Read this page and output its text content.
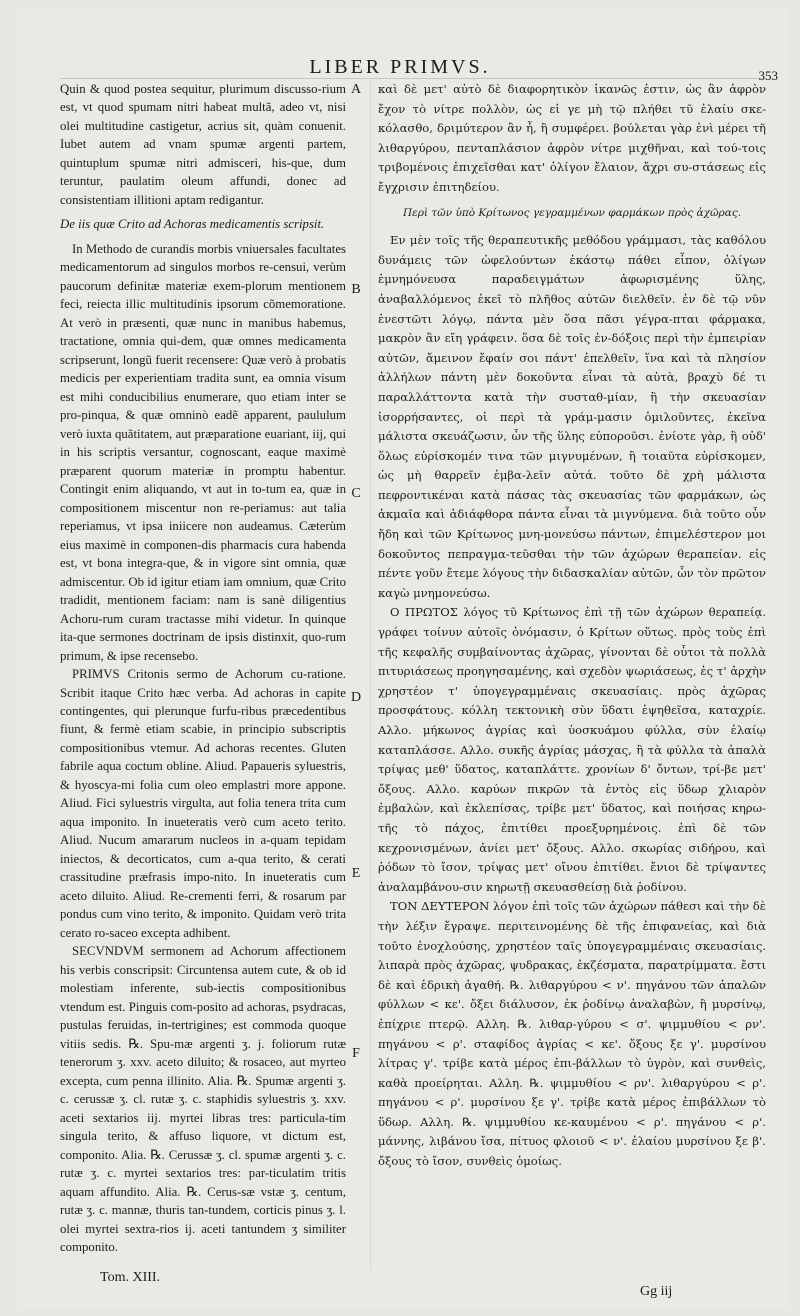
LIBER PRIMVS.	353

Quin & quod postea sequitur, plurimum discusso-rium est, vt quod spumam nitri habeat multã, adeo vt, nisi olei multitudine castigetur, acrius sit, quàm conuenit. Iubet autem ad vnam spumæ argenti partem, quintuplum spumæ nitri admisceri, his-que, dum teruntur, paulatim oleum affundi, donec ad consistentiam illitioni aptam redigantur.

De iis quæ Crito ad Achoras medicamentis scripsit.

In Methodo de curandis morbis vniuersales facultates medicamentorum ad singulos morbos re-censui, verùm paucorum definitæ materiæ exem-plorum mentionem feci, reiecta illic multitudinis ipsorum cõmemoratione. At verò in præsenti, quæ nunc in manibus habemus, tractatione, omnia qui-dem, quæ omnes medicamenta scripserunt, longũ fuerit recensere: Quæ verò à probatis medicis per experientiam tradita sunt, ea omnia visum est mihi conducibilius enumerare, quo etiam inter se pro-pinqua, & quæ omninò eadẽ apparent, paululum verò iuxta quãtitatem, aut præparatione euariant, iij, qui in his scriptis versantur, cognoscant, eaque maximè præparent quorum materiæ in promptu habentur. Contingit enim aliquando, vt aut in to-tum ea, quæ in compositionem miscentur non re-periamus: aut talia reperiamus, vt ipsa iniicere non audeamus. Cæterùm eius maximè in componen-dis pharmacis cura habenda est, vt bona integra-que, & in vigore sint omnia, quæ admiscentur. Ob id igitur etiam iam omnium, quæ Crito tradidit, mentionem faciam: nam is sanè diligentius Achoru-rum curam tractasse mihi videtur. In quinque ita-que sermones doctrinam de ipsis distinxit, quo-rum primum, & ipse recensebo.

PRIMVS Critonis sermo de Achorum cu-ratione. Scribit itaque Crito hæc verba. Ad achoras in capite contingentes, qui plerunque furfu-ribus præcedentibus fiunt, & fermè etiam scabie, in principio subscriptis compositionibus vtemur. Ad achoras recentes. Gluten fabrile aqua coctum obline. Aliud. Papaueris syluestris, & hyoscya-mi folia cum oleo emplastri more appone. Aliud. Fici syluestris virgulta, aut folia tenera trita cum aqua imponito. In inueteratis verò cum aceto terito. Aliud. Nucum amararum nucleos in a-quam tepidam iniectos, & decorticatos, cum a-qua terito, & cerati crassitudine præfrasis impo-nito. In inueteratis cum aceto diluito. Aliud. Re-crementi ferri, & rosarum par pondus cum vino terito, & imponito. Quidam verò trita cerato ro-saceo excepta adhibent.

SECVNDVM sermonem ad Achorum affectionem his verbis conscripsit: Circuntensa autem cute, & ob id molestiam inferente, sub-iectis compositionibus vtendum est. Pinguis com-posito ad achoras, psydracas, pustulas feruidas, in-tertrigines; est commoda quoque vitiis sedis. ℞. Spu-mæ argenti ʒ. j. foliorum rutæ tenerorum ʒ. xxv. aceto diluito; & rosaceo, aut myrteo excepta, cum penna illinito. Alia. ℞. Spumæ argenti ʒ. c. cerussæ ʒ. cl. rutæ ʒ. c. staphidis syluestris ʒ. xxv. aceti sextarios iij. myrtei libras tres: particula-tim singula terito, & affuso liquore, vt dictum est, componito. Alia. ℞. Cerussæ ʒ. cl. spumæ argenti ʒ. c. rutæ ʒ. c. myrtei sextarios tres: par-ticulatim tritis aquam affundito. Alia. ℞. Cerus-sæ vstæ ʒ. centum, rutæ ʒ. c. mannæ, thuris tan-tundem, corticis pinus ʒ. l. olei myrtei sextra-rios ij. aceti tantundem ʒ similiter componito.

καὶ δὲ μετ' αὐτὸ δὲ διαφορητικὸν ἱκανῶς ἐστιν, ὡς ἂν ἀφρὸν ἔχον τὸ νίτρε πολλὸν, ὡς εἰ γε μὴ τῷ πλήθει τῦ ἐλαίυ σκε-κόλασθο, δριμύτερον ἂν ἦ, ἢ συμφέρει. βούλεται γὰρ ἐνὶ μέρει τῆ λιθαργύρου, πενταπλάσιον ἀφρὸν νίτρε μιχθῆναι, καὶ τού-τοις τριβομένοις ἐπιχεῖσθαι κατ' ὀλίγον ἔλαιον, ἄχρι συ-στάσεως εἰς ἔγχρισιν ἐπιτηδείου.

Περὶ τῶν ὑπὸ Κρίτωνος γεγραμμένων φαρμάκων πρὸς ἀχῶρας.

Εν μὲν τοῖς τῆς θεραπευτικῆς μεθόδου γράμμασι, τὰς καθόλου δυνάμεις τῶν ὠφελούντων ἑκάστῳ πάθει εἶπον, ὀλίγων ἐμνημόνευσα παραδειγμάτων ἀφωρισμένης ὕλης, ἀναβαλλόμενος ἐκεῖ τὸ πλῆθος αὐτῶν διελθεῖν. ἐν δὲ τῷ νῦν ἐνεστῶτι λόγῳ, πάντα μὲν ὅσα πᾶσι γέγρα-πται φάρμακα, μακρὸν ἂν εἴη γράφειν. ὅσα δὲ τοῖς ἐν-δόξοις περὶ τὴν ἐμπειρίαν αὐτῶν, ἄμεινον ἔφαίν σοι πάντ' ἐπελθεῖν, ἵνα καὶ τὰ πλησίον ἀλλήλων πάντη μὲν δοκοῦντα εἶναι τὰ αὐτὰ, βραχὺ δέ τι παραλλάττοντα κατὰ τὴν συσταθ-μίαν, ἢ τὴν σκευασίαν ἰσορρήσαντες, οἱ περὶ τὰ γράμ-μασιν ὁμιλοῦντες, ἐκεῖνα μάλιστα σκευάζωσιν, ὧν τῆς ὕλης εὐποροῦσι. ἐνίοτε γὰρ, ἢ οὐδ' ὅλως εὑρίσκομέν τινα τῶν μιγνυμένων, ἢ τοιαῦτα εὑρίσκομεν, ὡς μὴ θαρρεῖν ἐμβα-λεῖν αὐτά. τοῦτο δὲ χρὴ μάλιστα πεφροντικέναι κατὰ πάσας τὰς σκευασίας τῶν φαρμάκων, ὡς ἀκμαῖα καὶ ἀδιάφθορα πάντα εἶναι τὰ μιγνύμενα. διὰ τοῦτο οὖν ἤδη καὶ τῶν Κρίτωνος μνη-μονεύσω πάντων, ἐπιμελέστερον μοι δοκοῦντος πεπραγμα-τεῦσθαι τὴν τῶν ἀχώρων θεραπείαν. εἰς πέντε γοῦν ἔτεμε λόγους τὴν διδασκαλίαν αὐτῶν, ὧν τὸν πρῶτον καγὼ μνημονεύσω.

Ο ΠΡΩΤΟΣ λόγος τῦ Κρίτωνος ἐπὶ τῇ τῶν ἀχώρων θεραπείᾳ. γράφει τοίνυν αὐτοῖς ὀνόμασιν, ὁ Κρίτων οὕτως. πρὸς τοὺς ἐπὶ τῆς κεφαλῆς συμβαίνοντας ἀχῶρας, γίνονται δὲ οὗτοι τὰ πολλὰ πιτυριάσεως προηγησαμένης, καὶ σχεδὸν ψωριάσεως, ἐς τ' ἀρχὴν χρηστέον τ' ὑπογεγραμμέναις σκευασίαις. πρὸς ἀχῶρας προσφάτους. κόλλη τεκτονικὴ σὺν ὕδατι ἑψηθεῖσα, καταχρίε. Αλλο. μήκωνος ἀγρίας καὶ ὑοσκυάμου φύλλα, σὺν ἐλαίῳ καταπλάσσε. Αλλο. συκῆς ἀγρίας μάσχας, ἢ τὰ φύλλα τὰ ἁπαλὰ τρίψας μεθ' ὕδατος, καταπλάττε. χρονίων δ' ὄντων, τρί-βε μετ' ὄξους. Αλλο. καρύων πικρῶν τὰ ἐντὸς εἰς ὕδωρ χλιαρὸν ἐμβαλὼν, καὶ ἐκλεπίσας, τρίβε μετ' ὕδατος, καὶ ποιήσας κηρω-τῆς τὸ πάχος, ἐπιτίθει προεξυρημένοις. ἐπὶ δὲ τῶν κεχρονισμένων, ἀνίει μετ' ὄξους. Αλλο. σκωρίας σιδήρου, καὶ ῥόδων τὸ ἴσον, τρίψας μετ' οἴνου ἐπιτίθει. ἔνιοι δὲ τρίψαντες ἀναλαμβάνου-σιν κηρωτῇ σκευασθείσῃ διὰ ῥοδίνου.

ΤΟΝ ΔΕΥΤΕΡΟΝ λόγον ἐπὶ τοῖς τῶν ἀχώρων πάθεσι καὶ τὴν δὲ τὴν λέξιν ἔγραψε. περιτεινομένης δὲ τῆς ἐπιφανείας, καὶ διὰ τοῦτο ἐνοχλούσης, χρηστέον ταῖς ὑπογεγραμμέναις σκευασίαις. λιπαρὰ πρὸς ἀχῶρας, ψυδρακας, ἐκζέσματα, παρατρίμματα. ἔστι δὲ καὶ ἑδρικὴ ἀγαθή. ℞. λιθαργύρου < ν'. πηγάνου τῶν ἁπαλῶν φύλλων < κε'. ὄξει διάλυσον, ἐκ ῥοδίνῳ ἀναλαβὼν, ἢ μυρσίνῳ, ἐπίχριε πτερῷ. Αλλη. ℞. λιθαρ-γύρου < σ'. ψιμμυθίου < ρν'. πηγάνου < ρ'. σταφίδος ἀγρίας < κε'. ὄξους ξε γ'. μυρσίνου λίτρας γ'. τρίβε κατὰ μέρος ἐπι-βάλλων τὸ ὑγρὸν, καὶ συνθεὶς, καθὰ προείρηται. Αλλη. ℞. ψιμμυθίου < ρν'. λιθαργύρου < ρ'. πηγάνου < ρ'. μυρσίνου ξε γ'. τρίβε κατὰ μέρος ἐπιβάλλων τὸ ὕδωρ. Αλλη. ℞. ψιμμυθίου κε-καυμένου < ρ'. πηγάνου < ρ'. μάννης, λιβάνου ἴσα, πίτυος φλοιοῦ < ν'. ἐλαίου μυρσίνου ξε β'. ὄξους τὸ ἴσον, συνθεὶς ὁμοίως.

A
B
C
D
E
F
Tom. XIII.
Gg iij
